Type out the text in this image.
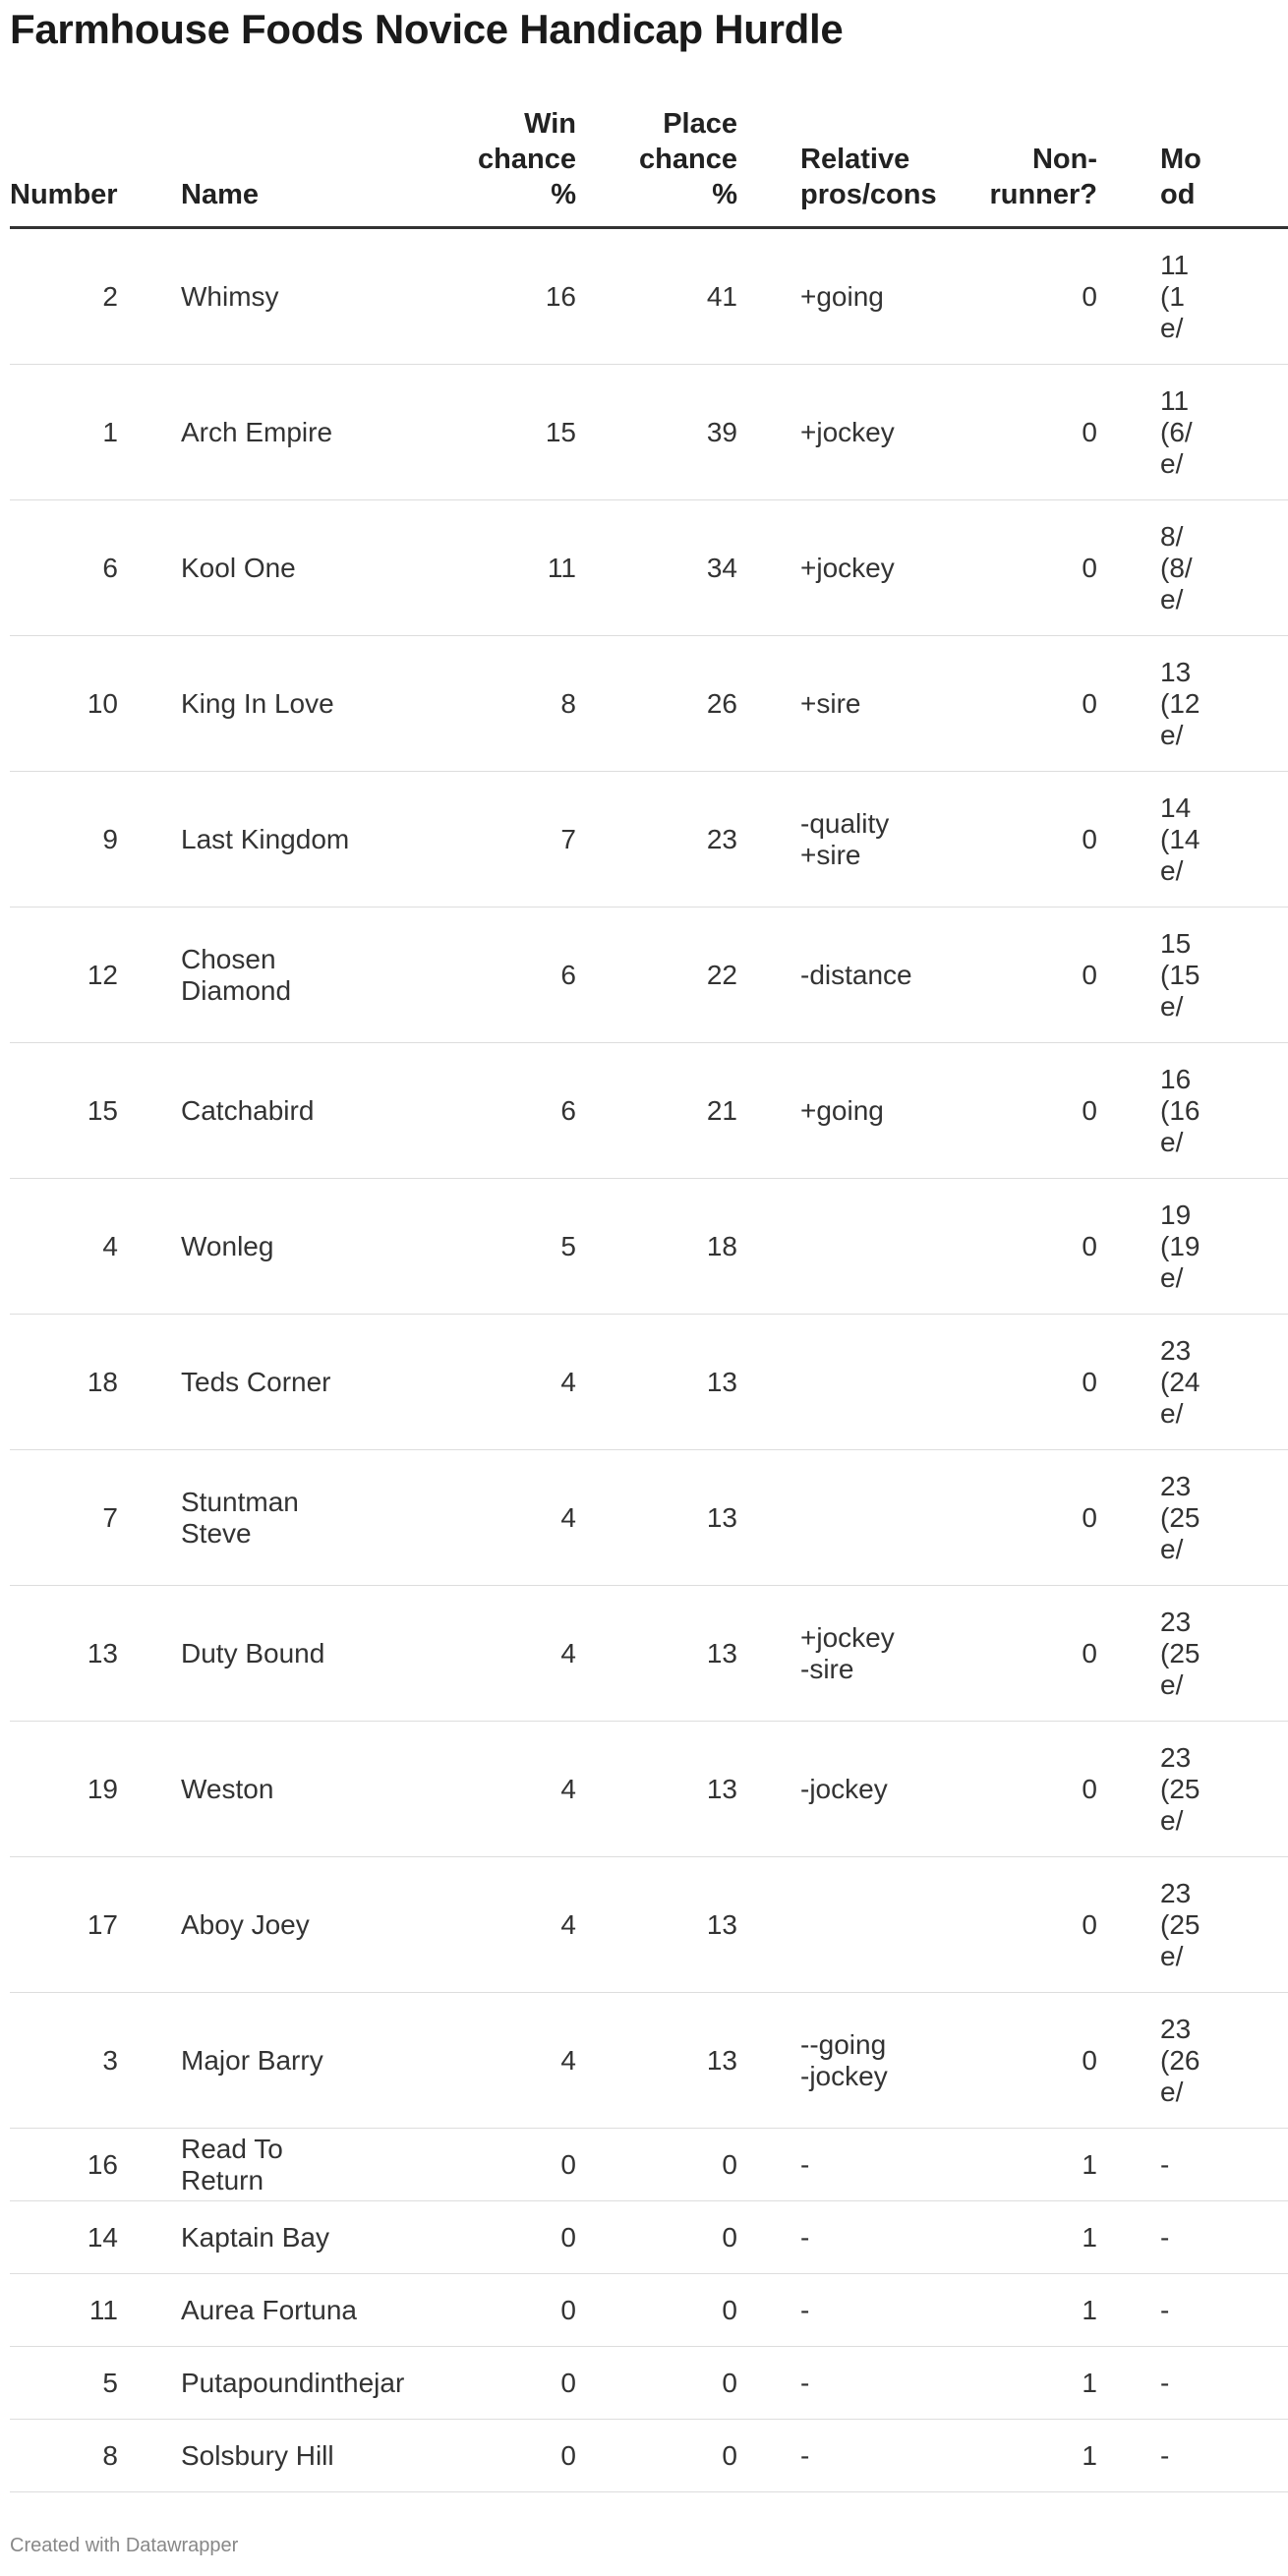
Farmhouse Foods Novice Handicap Hurdle
Number	Name	Win
chance
%	Place
chance
%	Relative
pros/cons	Non-
runner?	Mo
od

2	Whimsy	16	41	+going	0	11
(1
e/

1	Arch Empire	15	39	+jockey	0	11
(6/
e/

6	Kool One	11	34	+jockey	0	8/
(8/
e/

10	King In Love	8	26	+sire	0	13
(12
e/

9	Last Kingdom	7	23	-quality
+sire	0	14
(14
e/

12	Chosen Diamond	6	22	-distance	0	15
(15
e/

15	Catchabird	6	21	+going	0	16
(16
e/

4	Wonleg	5	18		0	19
(19
e/

18	Teds Corner	4	13		0	23
(24
e/

7	Stuntman Steve	4	13		0	23
(25
e/

13	Duty Bound	4	13	+jockey
-sire	0	23
(25
e/

19	Weston	4	13	-jockey	0	23
(25
e/

17	Aboy Joey	4	13		0	23
(25
e/

3	Major Barry	4	13	--going
-jockey	0	23
(26
e/

16	Read To Return	0	0	-	1	-

14	Kaptain Bay	0	0	-	1	-

11	Aurea Fortuna	0	0	-	1	-

5	Putapoundinthejar	0	0	-	1	-

8	Solsbury Hill	0	0	-	1	-
Created with Datawrapper
